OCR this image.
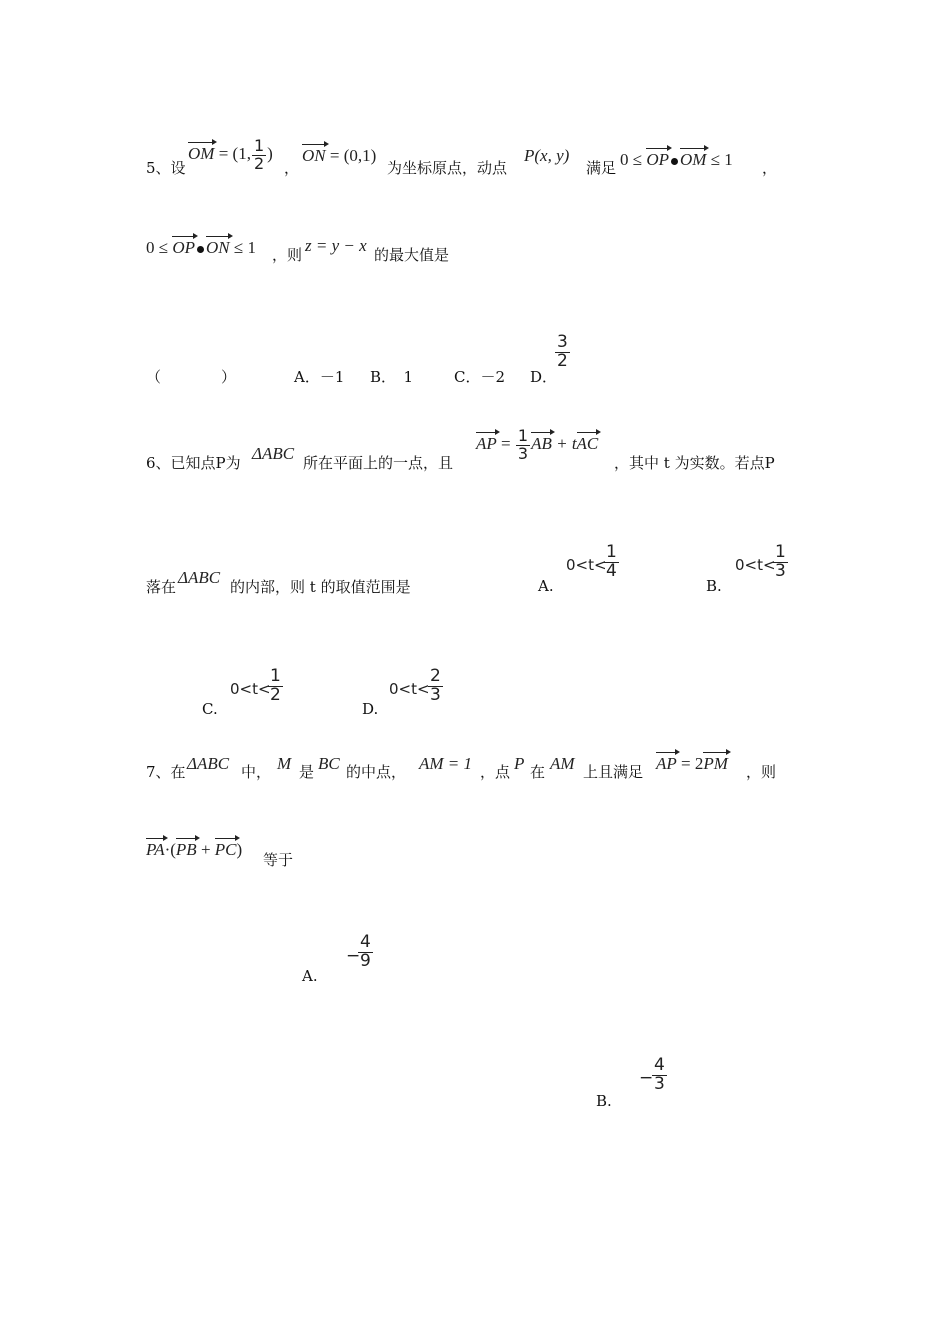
5、设
OM = (1, $\frac{1}{2}$ )
，
ON = (0,1)
为坐标原点，动点
P(x, y)
满足 0 ≤ OP OM ≤ 1 ，
0 ≤ OP ON ≤ 1 ，则 z = y − x 的最大值是
（　　　　）	A．－1 B．　1	C．－2 D．
$\frac{3}{2}$
6、已知点P为 ΔABC 所在平面上的一点，且
AP = $\frac{1}{3}$ AB + tAC
，其中 t 为实数。若点P
落在 ΔABC 的内部，则 t 的取值范围是	A.
0<t<
$\frac{1}{4}$
B.
0<t<
$\frac{1}{3}$
C.
0<t<
$\frac{1}{2}$
D.
0<t<
$\frac{2}{3}$
7、在 ΔABC 中， M 是 BC 的中点， AM = 1 ，点 P 在 AM 上且满足 AP = 2PM ，则
PA·(PB + PC)
等于
A.
−
$\frac{4}{9}$
B.
−
$\frac{4}{3}$
